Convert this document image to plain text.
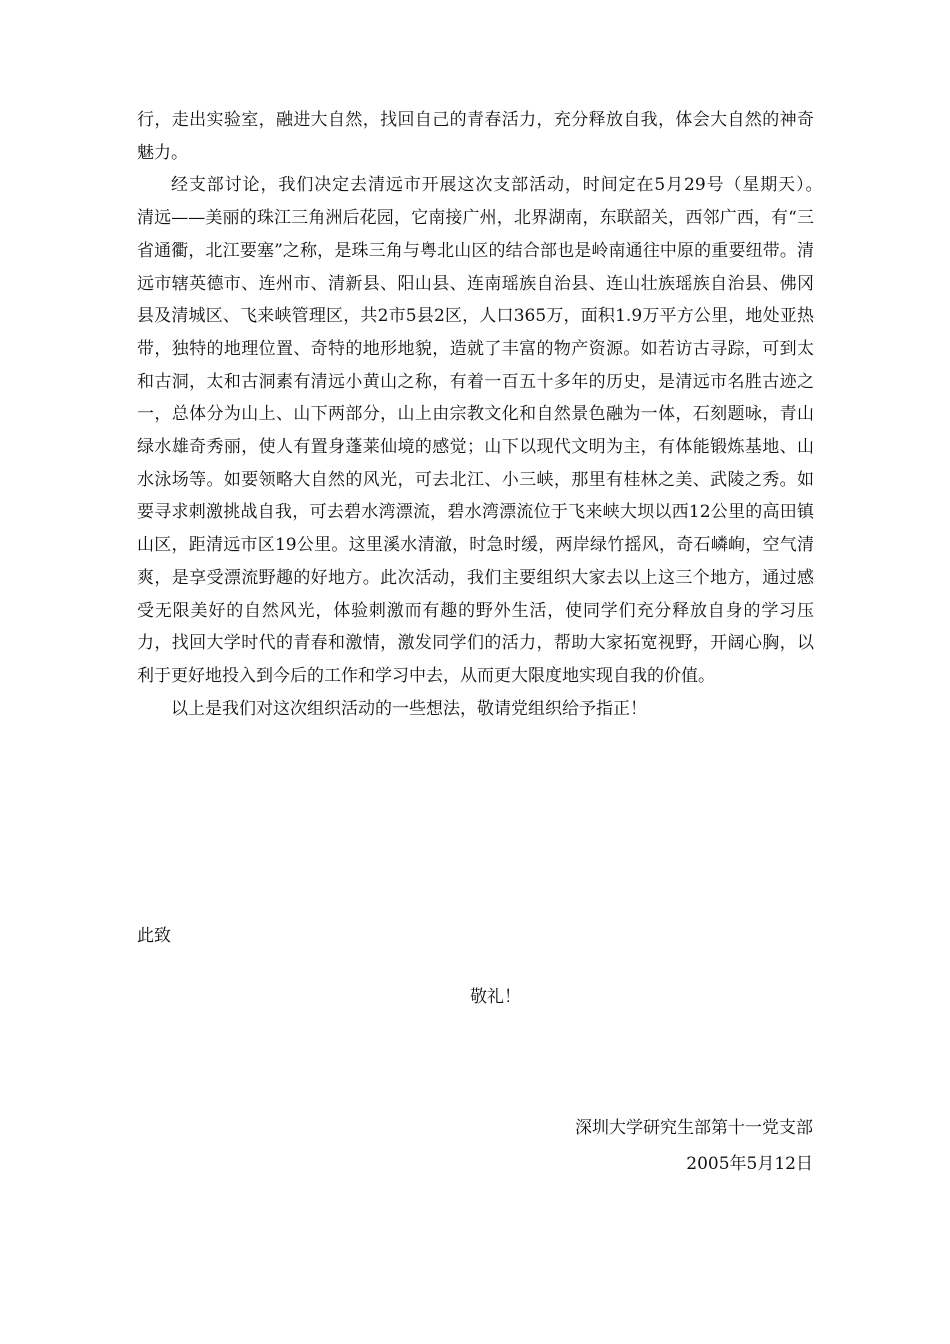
行，走出实验室，融进大自然，找回自己的青春活力，充分释放自我，体会大自然的神奇魅力。

经支部讨论，我们决定去清远市开展这次支部活动，时间定在5月29号（星期天）。　清远——美丽的珠江三角洲后花园，它南接广州，北界湖南，东联韶关，西邻广西，有“三省通衢，北江要塞”之称，是珠三角与粤北山区的结合部也是岭南通往中原的重要纽带。清远市辖英德市、连州市、清新县、阳山县、连南瑶族自治县、连山壮族瑶族自治县、佛冈县及清城区、飞来峡管理区，共2市5县2区，人口365万，面积1.9万平方公里，地处亚热带，独特的地理位置、奇特的地形地貌，造就了丰富的物产资源。如若访古寻踪，可到太和古洞，太和古洞素有清远小黄山之称，有着一百五十多年的历史，是清远市名胜古迹之一，总体分为山上、山下两部分，山上由宗教文化和自然景色融为一体，石刻题咏，青山绿水雄奇秀丽，使人有置身蓬莱仙境的感觉；山下以现代文明为主，有体能锻炼基地、山水泳场等。如要领略大自然的风光，可去北江、小三峡，那里有桂林之美、武陵之秀。如要寻求刺激挑战自我，可去碧水湾漂流，碧水湾漂流位于飞来峡大坝以西12公里的高田镇山区，距清远市区19公里。这里溪水清澈，时急时缓，两岸绿竹摇风，奇石嶙峋，空气清爽，是享受漂流野趣的好地方。此次活动，我们主要组织大家去以上这三个地方，通过感受无限美好的自然风光，体验刺激而有趣的野外生活，使同学们充分释放自身的学习压力，找回大学时代的青春和激情，激发同学们的活力，帮助大家拓宽视野，开阔心胸，以利于更好地投入到今后的工作和学习中去，从而更大限度地实现自我的价值。

以上是我们对这次组织活动的一些想法，敬请党组织给予指正！

此致

敬礼！

深圳大学研究生部第十一党支部

2005年5月12日
